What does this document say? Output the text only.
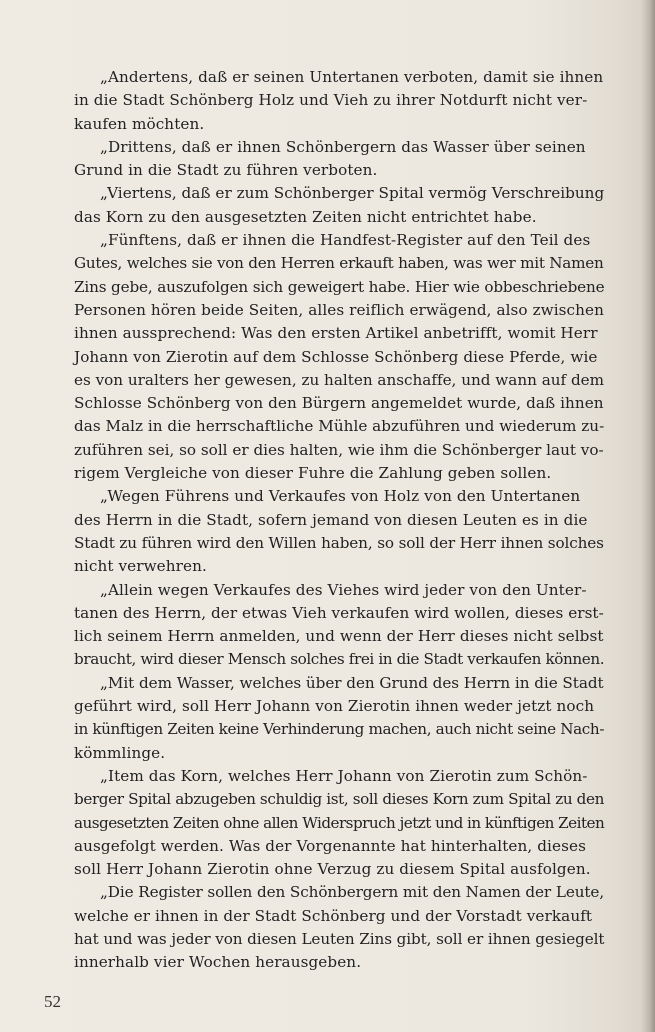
„Andertens, daß er seinen Untertanen verboten, damit sie ihnen
in die Stadt Schönberg Holz und Vieh zu ihrer Notdurft nicht ver-
kaufen möchten.
„Drittens, daß er ihnen Schönbergern das Wasser über seinen
Grund in die Stadt zu führen verboten.
„Viertens, daß er zum Schönberger Spital vermög Verschreibung
das Korn zu den ausgesetzten Zeiten nicht entrichtet habe.
„Fünftens, daß er ihnen die Handfest-Register auf den Teil des
Gutes, welches sie von den Herren erkauft haben, was wer mit Namen
Zins gebe, auszufolgen sich geweigert habe. Hier wie obbeschriebene
Personen hören beide Seiten, alles reiflich erwägend, also zwischen
ihnen aussprechend: Was den ersten Artikel anbetrifft, womit Herr
Johann von Zierotin auf dem Schlosse Schönberg diese Pferde, wie
es von uralters her gewesen, zu halten anschaffe, und wann auf dem
Schlosse Schönberg von den Bürgern angemeldet wurde, daß ihnen
das Malz in die herrschaftliche Mühle abzuführen und wiederum zu-
zuführen sei, so soll er dies halten, wie ihm die Schönberger laut vo-
rigem Vergleiche von dieser Fuhre die Zahlung geben sollen.
„Wegen Führens und Verkaufes von Holz von den Untertanen
des Herrn in die Stadt, sofern jemand von diesen Leuten es in die
Stadt zu führen wird den Willen haben, so soll der Herr ihnen solches
nicht verwehren.
„Allein wegen Verkaufes des Viehes wird jeder von den Unter-
tanen des Herrn, der etwas Vieh verkaufen wird wollen, dieses erst-
lich seinem Herrn anmelden, und wenn der Herr dieses nicht selbst
braucht, wird dieser Mensch solches frei in die Stadt verkaufen können.
„Mit dem Wasser, welches über den Grund des Herrn in die Stadt
geführt wird, soll Herr Johann von Zierotin ihnen weder jetzt noch
in künftigen Zeiten keine Verhinderung machen, auch nicht seine Nach-
kömmlinge.
„Item das Korn, welches Herr Johann von Zierotin zum Schön-
berger Spital abzugeben schuldig ist, soll dieses Korn zum Spital zu den
ausgesetzten Zeiten ohne allen Widerspruch jetzt und in künftigen Zeiten
ausgefolgt werden. Was der Vorgenannte hat hinterhalten, dieses
soll Herr Johann Zierotin ohne Verzug zu diesem Spital ausfolgen.
„Die Register sollen den Schönbergern mit den Namen der Leute,
welche er ihnen in der Stadt Schönberg und der Vorstadt verkauft
hat und was jeder von diesen Leuten Zins gibt, soll er ihnen gesiegelt
innerhalb vier Wochen herausgeben.
52
